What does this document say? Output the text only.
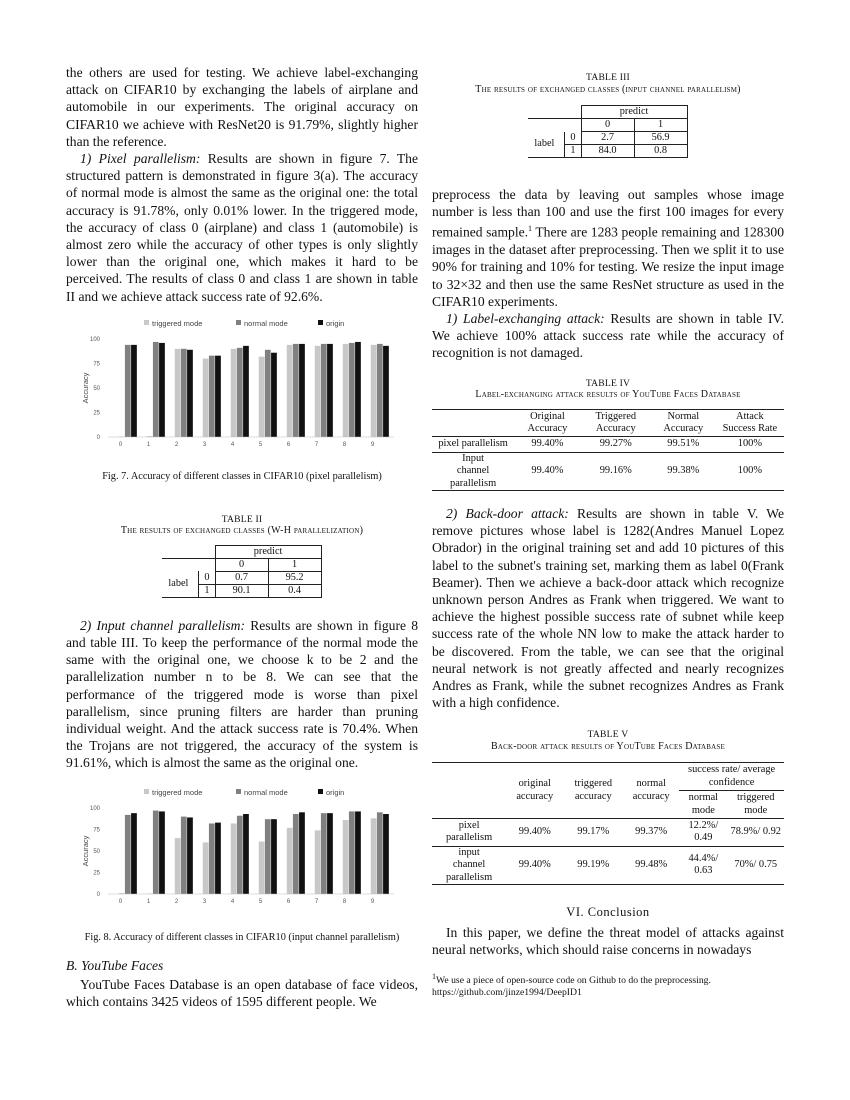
the others are used for testing. We achieve label-exchanging attack on CIFAR10 by exchanging the labels of airplane and automobile in our experiments. The original accuracy on CIFAR10 we achieve with ResNet20 is 91.79%, slightly higher than the reference.

1) Pixel parallelism: Results are shown in figure 7. The structured pattern is demonstrated in figure 3(a). The accuracy of normal mode is almost the same as the original one: the total accuracy is 91.78%, only 0.01% lower. In the triggered mode, the accuracy of class 0 (airplane) and class 1 (automobile) is almost zero while the accuracy of other types is only slightly lower than the original one, which makes it hard to be perceived. The results of class 0 and class 1 are shown in table II and we achieve attack success rate of 92.6%.

triggered mode	normal mode	origin
0
25
50
75
100
Accuracy
0	1	2	3	4	5	6	7	8	9

Fig. 7. Accuracy of different classes in CIFAR10 (pixel parallelism)

TABLE II

The results of exchanged classes (W-H parallelization)

		predict	
		0	1
label	0	0.7	95.2
	1	90.1	0.4

2) Input channel parallelism: Results are shown in figure 8 and table III. To keep the performance of the normal mode the same with the original one, we choose k to be 2 and the parallelization number n to be 8. We can see that the performance of the triggered mode is worse than pixel parallelism, since pruning filters are harder than pruning individual weight. And the attack success rate is 70.4%. When the Trojans are not triggered, the accuracy of the system is 91.61%, which is almost the same as the original one.

triggered mode	normal mode	origin
0
25
50
75
100
Accuracy
0	1	2	3	4	5	6	7	8	9

Fig. 8. Accuracy of different classes in CIFAR10 (input channel parallelism)

B. YouTube Faces

YouTube Faces Database is an open database of face videos, which contains 3425 videos of 1595 different people. We

TABLE III

The results of exchanged classes (input channel parallelism)

		predict	
		0	1
label	0	2.7	56.9
	1	84.0	0.8

preprocess the data by leaving out samples whose image number is less than 100 and use the first 100 images for every remained sample.$^1$ There are 1283 people remaining and 128300 images in the dataset after preprocessing. Then we split it to use 90% for training and 10% for testing. We resize the input image to 32×32 and then use the same ResNet structure as used in the CIFAR10 experiments.

1) Label-exchanging attack: Results are shown in table IV. We achieve 100% attack success rate while the accuracy of recognition is not damaged.

TABLE IV

Label-exchanging attack results of YouTube Faces Database

	Original Accuracy	Triggered Accuracy	Normal Accuracy	Attack Success Rate
pixel parallelism	99.40%	99.27%	99.51%	100%
Input channel parallelism	99.40%	99.16%	99.38%	100%

2) Back-door attack: Results are shown in table V. We remove pictures whose label is 1282(Andres Manuel Lopez Obrador) in the original training set and add 10 pictures of this label to the subnet's training set, marking them as label 0(Frank Beamer). Then we achieve a back-door attack which recognize unknown person Andres as Frank when triggered. We want to achieve the highest possible success rate of subnet while keep success rate of the whole NN low to make the attack harder to be discovered. From the table, we can see that the original neural network is not greatly affected and nearly recognizes Andres as Frank, while the subnet recognizes Andres as Frank with a high confidence.

TABLE V

Back-door attack results of YouTube Faces Database

	original accuracy	triggered accuracy	normal accuracy	success rate/ average confidence	
				normal mode	triggered mode
pixel parallelism	99.40%	99.17%	99.37%	12.2%/ 0.49	78.9%/ 0.92
input channel parallelism	99.40%	99.19%	99.48%	44.4%/ 0.63	70%/ 0.75
VI. Conclusion

In this paper, we define the threat model of attacks against neural networks, which should raise concerns in nowadays

$^1$We use a piece of open-source code on Github to do the preprocessing. https://github.com/jinze1994/DeepID1
